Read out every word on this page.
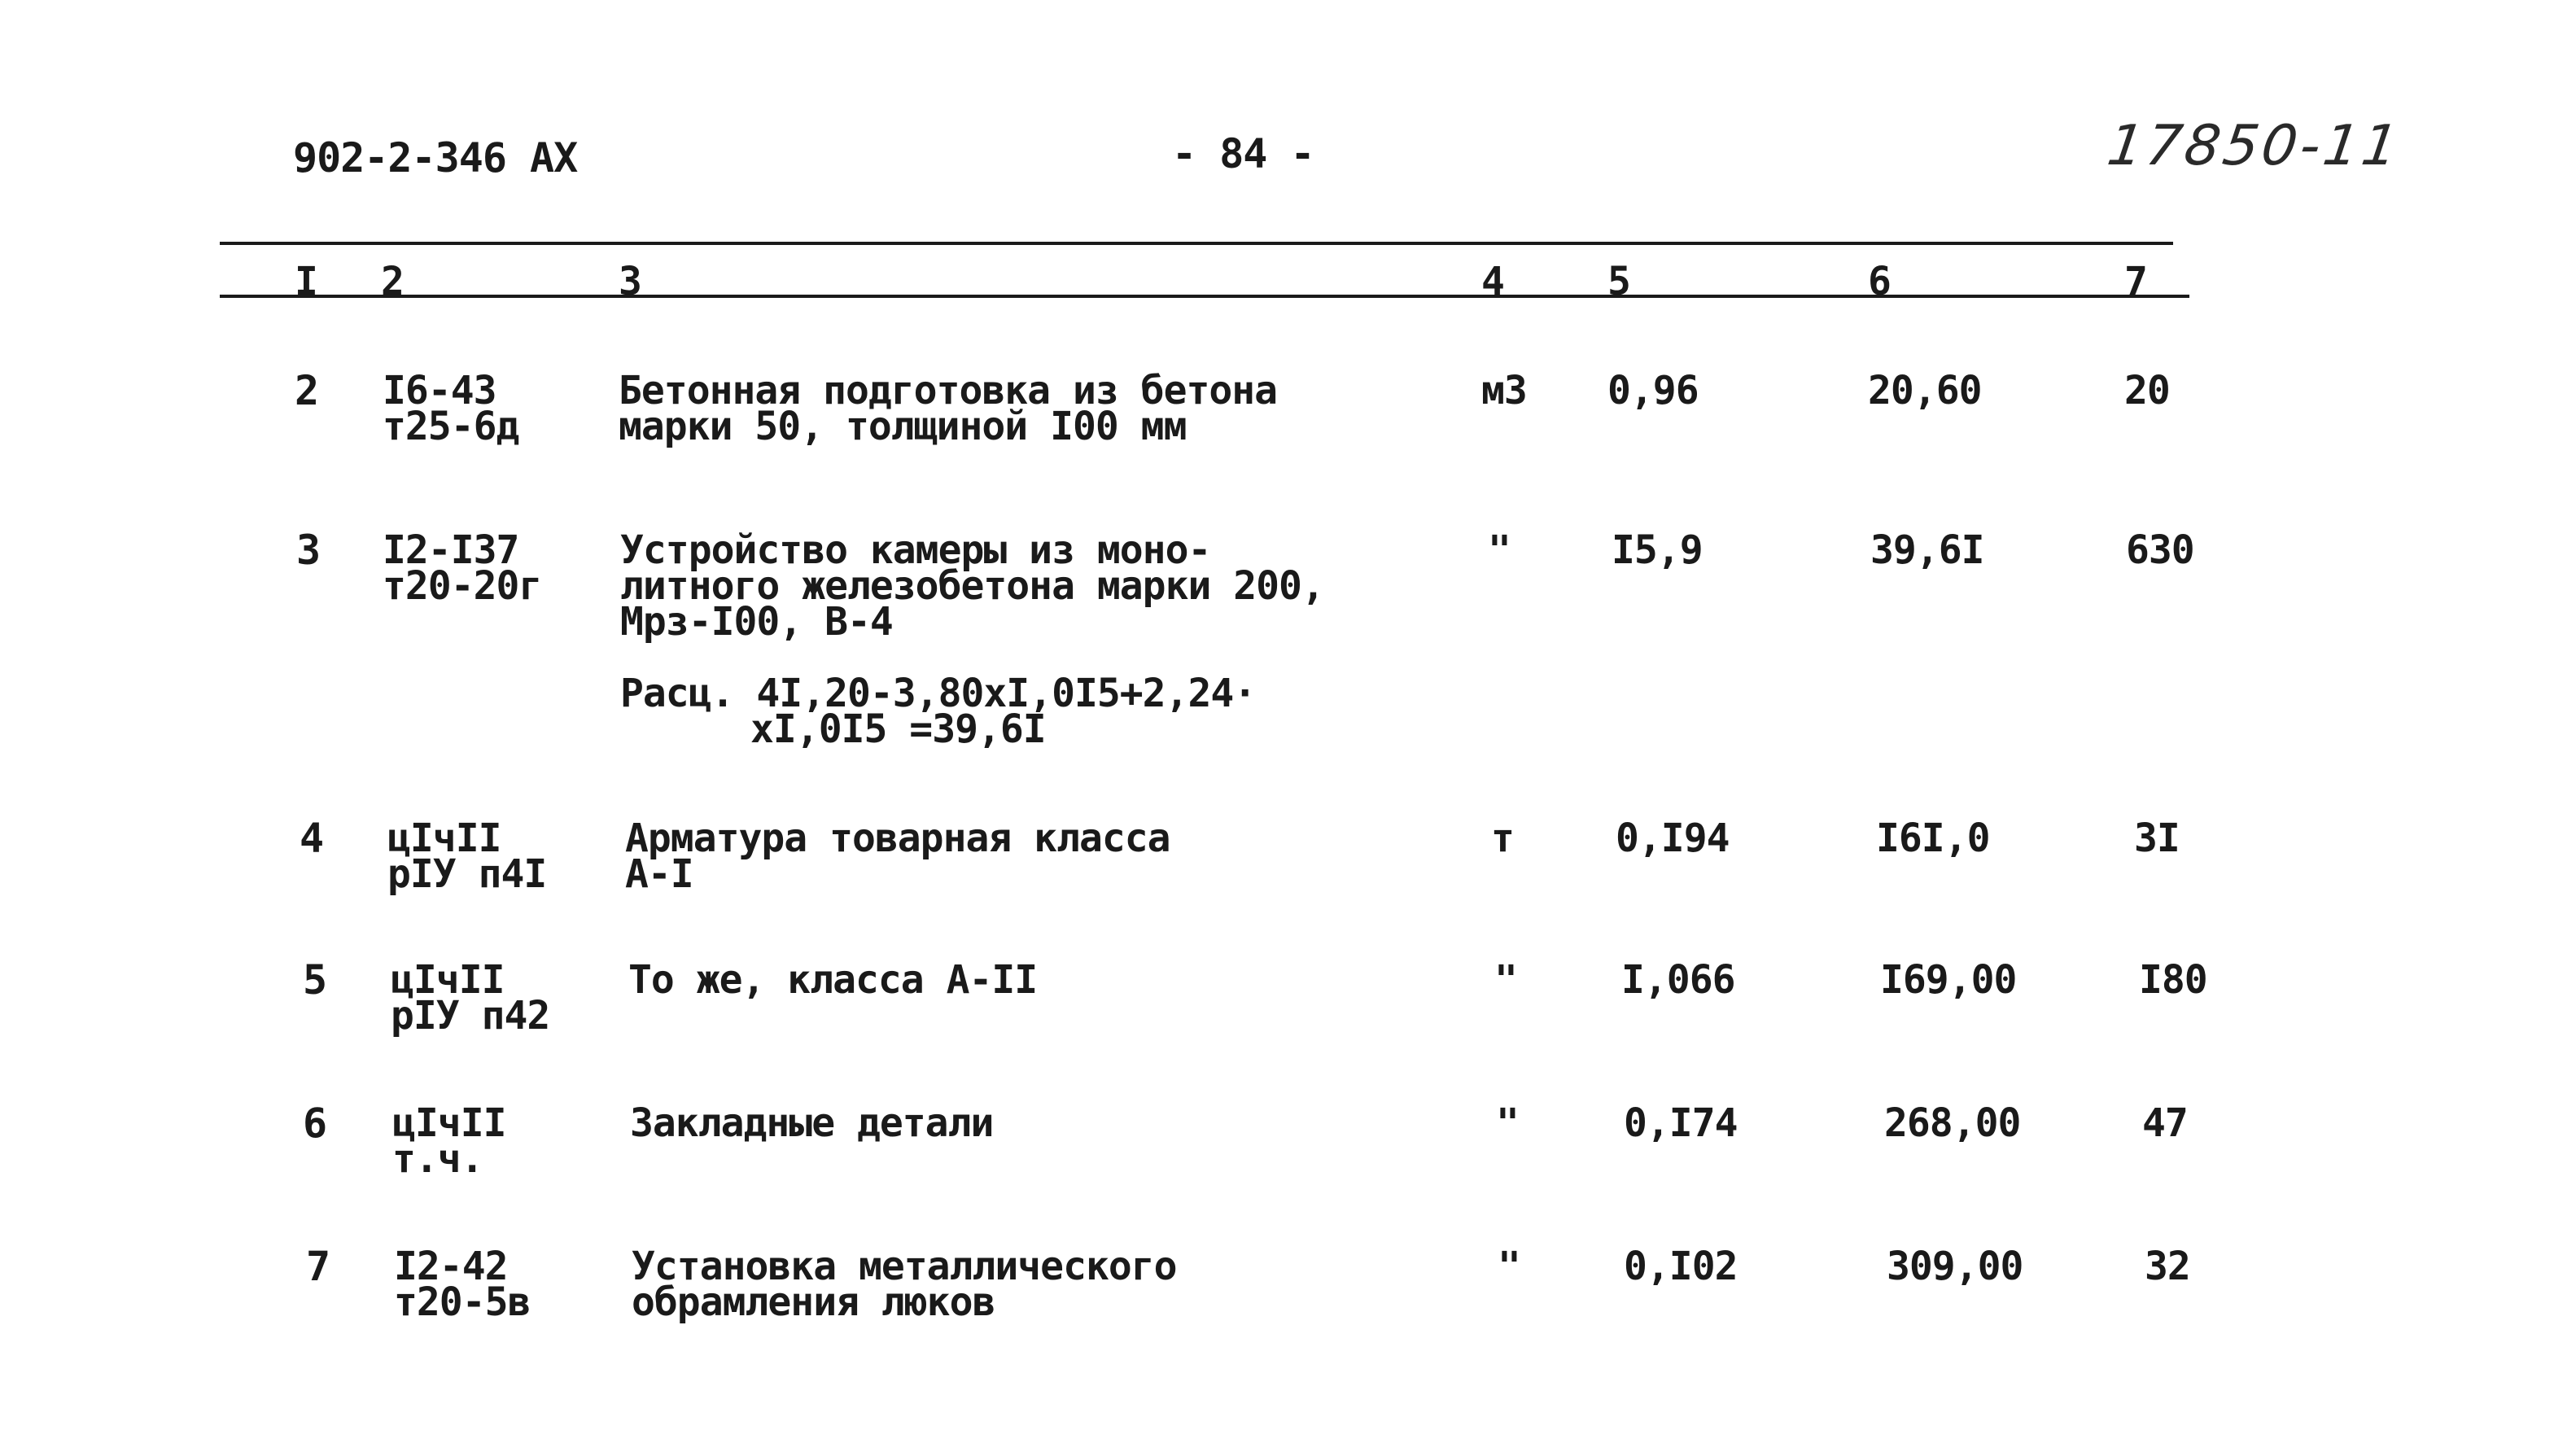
902-2-346 АХ	- 84 -	17850-11
I 2	3	4	5	6	7
2 I6-43
т25-6д
Бетонная подготовка из бетона
марки 50, толщиной I00 мм
м3 0,96	20,60	20
3 I2-I37
т20-20г
Устройство камеры из моно-
литного железобетона марки 200,
Мрз-I00, В-4
Расц. 4I,20-3,80хI,0I5+2,24·
хI,0I5 =39,6I
"	I5,9	39,6I	630
4 цIчII
рIУ п4I
Арматура товарная класса
А-I
т	0,I94	I6I,0	3I
5 цIчII
рIУ п42
То же, класса А-II	"	I,066	I69,00	I80
6 цIчII
т.ч.
Закладные детали	"	0,I74	268,00	47
7 I2-42
т20-5в
Установка металлического
обрамления люков
"	0,I02	309,00	32
